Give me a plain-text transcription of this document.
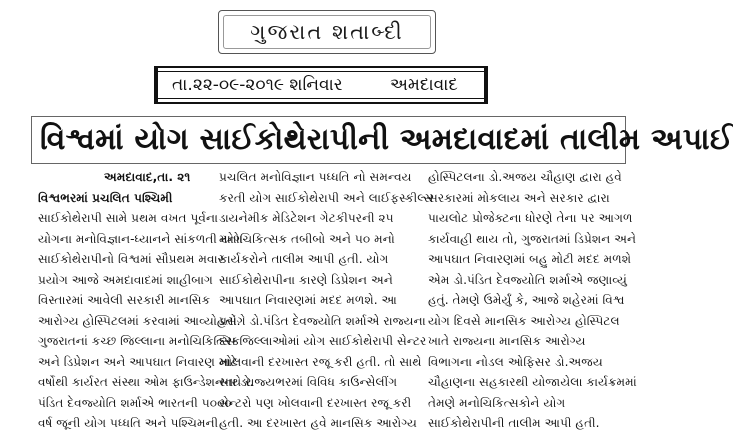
ગુજરાત શતાબ્દી
તા.૨૨-૦૯-૨૦૧૯ શનિવાર	અમદાવાદ
વિશ્વમાં યોગ સાઈકોથેરાપીની અમદાવાદમાં તાલીમ અપાઈ
અમદાવાદ,તા. ૨૧
વિશ્વભરમાં પ્રચલિત પશ્ચિમી
સાઈકોથેરાપી સામે પ્રથમ વખત પૂર્વના
યોગના મનોવિજ્ઞાન-ધ્યાનને સાંકળતી યોગ
સાઈકોથેરાપીનો વિશ્વમાં સૌપ્રથમ મવાર
પ્રયોગ આજે અમદાવાદમાં શાહીબાગ
વિસ્તારમાં આવેલી સરકારી માનસિક
આરોગ્ય હોસ્પિટલમાં કરવામાં આવ્યોહતો.
ગુજરાતનાં કચ્છ જિલ્લાના મનોચિકિત્સિક
અને ડિપ્રેશન અને આપઘાત નિવારણ માટે
વર્ષોથી કાર્યરત સંસ્થા ઓમ ફાઉન્ડેશનના ડો.
પંડિત દેવજ્યોતિ શર્માએ ભારતની ૫૦૦૦
વર્ષ જૂની યોગ પધ્ધતિ અને પશ્ચિમની
પ્રચલિત મનોવિજ્ઞાન પધ્ધતિ નો સમન્વય
કરતી યોગ સાઈકોથેરાપી અને લાઈફસ્કીલ્સ
ડાયનેમીક મેડિટેશન ગેટકીપરની ૨૫
મનોચિકિત્સક તબીબો અને ૫૦ મનો
કાર્યકરોને તાલીમ આપી હતી. યોગ
સાઈકોથેરાપીના કારણે ડિપ્રેશન અને
આપઘાત નિવારણમાં મદદ મળશે. આ
પ્રસંગે ડો.પંડિત દેવજ્યોતિ શર્માએ રાજ્યના
દસ જિલ્લાઓમાં યોગ સાઈકોથેરાપી સેન્ટર
ખોલવાની દરખાસ્ત રજૂ કરી હતી. તો સાથે
સાથે રાજ્યભરમાં વિવિધ કાઉન્સેલીંગ
સેન્ટરો પણ ખોલવાની દરખાસ્ત રજૂ કરી
હતી. આ દરખાસ્ત હવે માનસિક આરોગ્ય
હોસ્પિટલના ડો.અજય ચૌહાણ દ્વારા હવે
સરકારમાં મોકલાય અને સરકાર દ્વારા
પાયલોટ પ્રોજેક્ટના ધોરણે તેના પર આગળ
કાર્યવાહી થાય તો, ગુજરાતમાં ડિપ્રેશન અને
આપઘાત નિવારણમાં બહુ મોટી મદદ મળશે
એમ ડો.પંડિત દેવજ્યોતિ શર્માએ જણાવ્યું
હતું. તેમણે ઉમેર્યું કે, આજે શહેરમાં વિશ્વ
યોગ દિવસે માનસિક આરોગ્ય હોસ્પિટલ
ખાતે રાજ્યના માનસિક આરોગ્ય
વિભાગના નોડલ ઓફિસર ડો.અજય
ચૌહાણના સહકારથી યોજાયેલા કાર્યક્રમમાં
તેમણે મનોચિકિત્સકોને યોગ
સાઈકોથેરાપીની તાલીમ આપી હતી.
